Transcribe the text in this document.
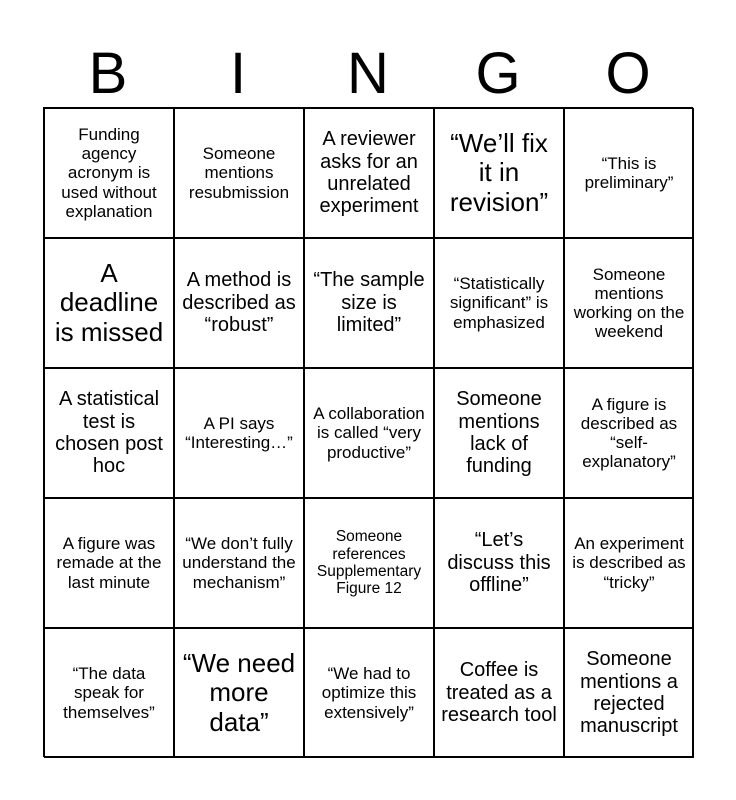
B	I	N	G	O
Funding agency acronym is used without explanation
Someone mentions resubmission
A reviewer asks for an unrelated experiment
“We’ll fix it in revision”
“This is preliminary”
A deadline is missed
A method is described as “robust”
“The sample size is limited”
“Statistically significant” is emphasized
Someone mentions working on the weekend
A statistical test is chosen post hoc
A PI says “Interesting…”
A collaboration is called “very productive”
Someone mentions lack of funding
A figure is described as “self-explanatory”
A figure was remade at the last minute
“We don’t fully understand the mechanism”
Someone references Supplementary Figure 12
“Let’s discuss this offline”
An experiment is described as “tricky”
“The data speak for themselves”
“We need more data”
“We had to optimize this extensively”
Coffee is treated as a research tool
Someone mentions a rejected manuscript
